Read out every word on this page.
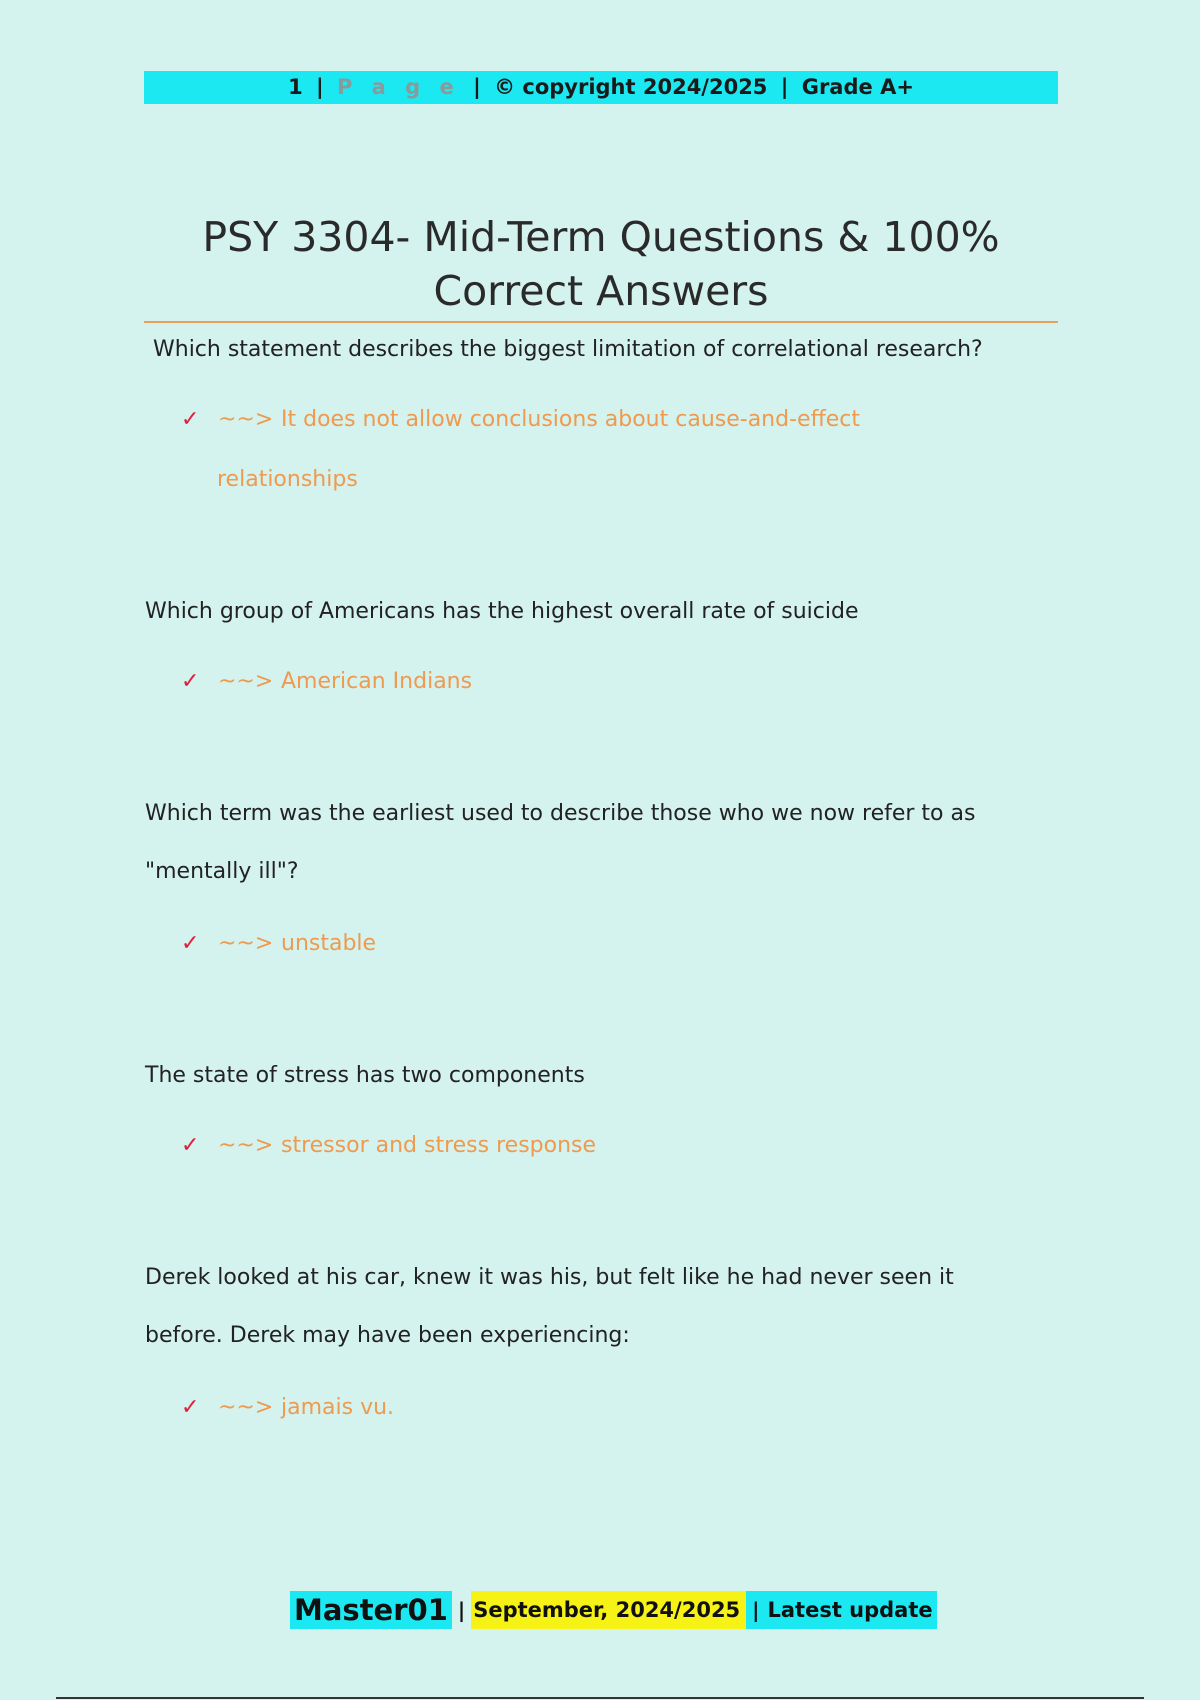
1 | P a g e | © copyright 2024/2025 | Grade A+
PSY 3304- Mid-Term Questions & 100%
Correct Answers
Which statement describes the biggest limitation of correlational research?
✓ ~~> It does not allow conclusions about cause-and-effect
relationships
Which group of Americans has the highest overall rate of suicide
✓ ~~> American Indians
Which term was the earliest used to describe those who we now refer to as
"mentally ill"?
✓ ~~> unstable
The state of stress has two components
✓ ~~> stressor and stress response
Derek looked at his car, knew it was his, but felt like he had never seen it
before. Derek may have been experiencing:
✓ ~~> jamais vu.
Master01 | September, 2024/2025 | Latest update
